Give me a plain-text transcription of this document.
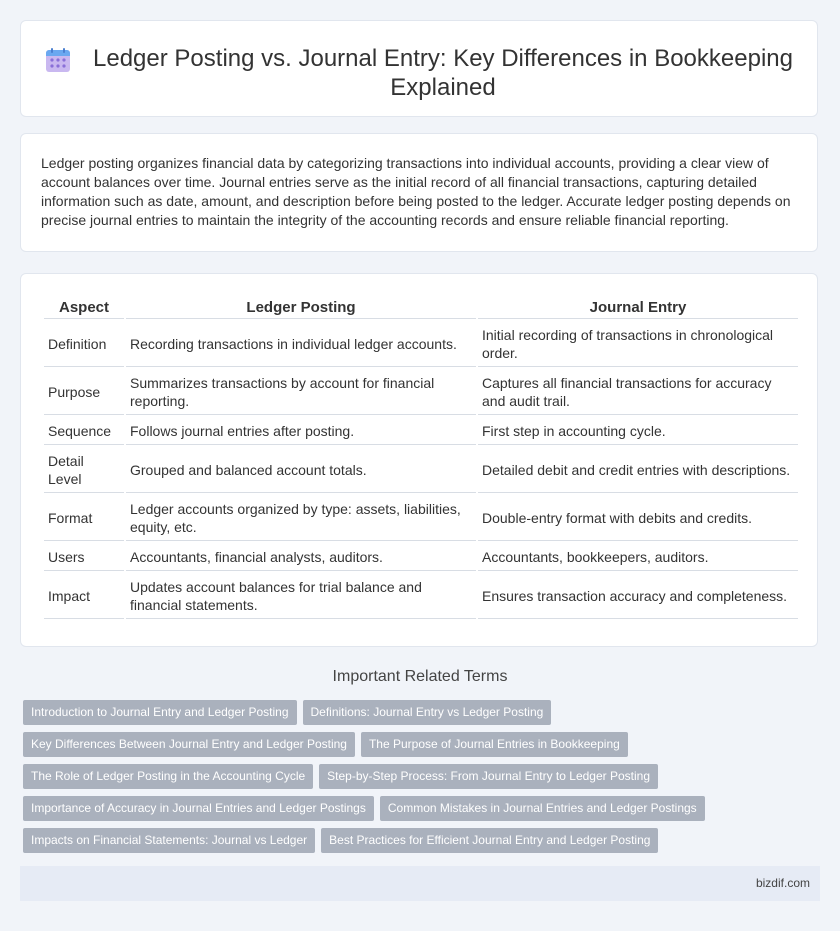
Ledger Posting vs. Journal Entry: Key Differences in Bookkeeping Explained

Ledger posting organizes financial data by categorizing transactions into individual accounts, providing a clear view of account balances over time. Journal entries serve as the initial record of all financial transactions, capturing detailed information such as date, amount, and description before being posted to the ledger. Accurate ledger posting depends on precise journal entries to maintain the integrity of the accounting records and ensure reliable financial reporting.

Aspect	Ledger Posting	Journal Entry
Definition	Recording transactions in individual ledger accounts.	Initial recording of transactions in chronological order.
Purpose	Summarizes transactions by account for financial reporting.	Captures all financial transactions for accuracy and audit trail.
Sequence	Follows journal entries after posting.	First step in accounting cycle.
Detail Level	Grouped and balanced account totals.	Detailed debit and credit entries with descriptions.
Format	Ledger accounts organized by type: assets, liabilities, equity, etc.	Double-entry format with debits and credits.
Users	Accountants, financial analysts, auditors.	Accountants, bookkeepers, auditors.
Impact	Updates account balances for trial balance and financial statements.	Ensures transaction accuracy and completeness.
Important Related Terms
Introduction to Journal Entry and Ledger Posting	Definitions: Journal Entry vs Ledger Posting
Key Differences Between Journal Entry and Ledger Posting	The Purpose of Journal Entries in Bookkeeping
The Role of Ledger Posting in the Accounting Cycle	Step-by-Step Process: From Journal Entry to Ledger Posting
Importance of Accuracy in Journal Entries and Ledger Postings	Common Mistakes in Journal Entries and Ledger Postings
Impacts on Financial Statements: Journal vs Ledger	Best Practices for Efficient Journal Entry and Ledger Posting
bizdif.com
